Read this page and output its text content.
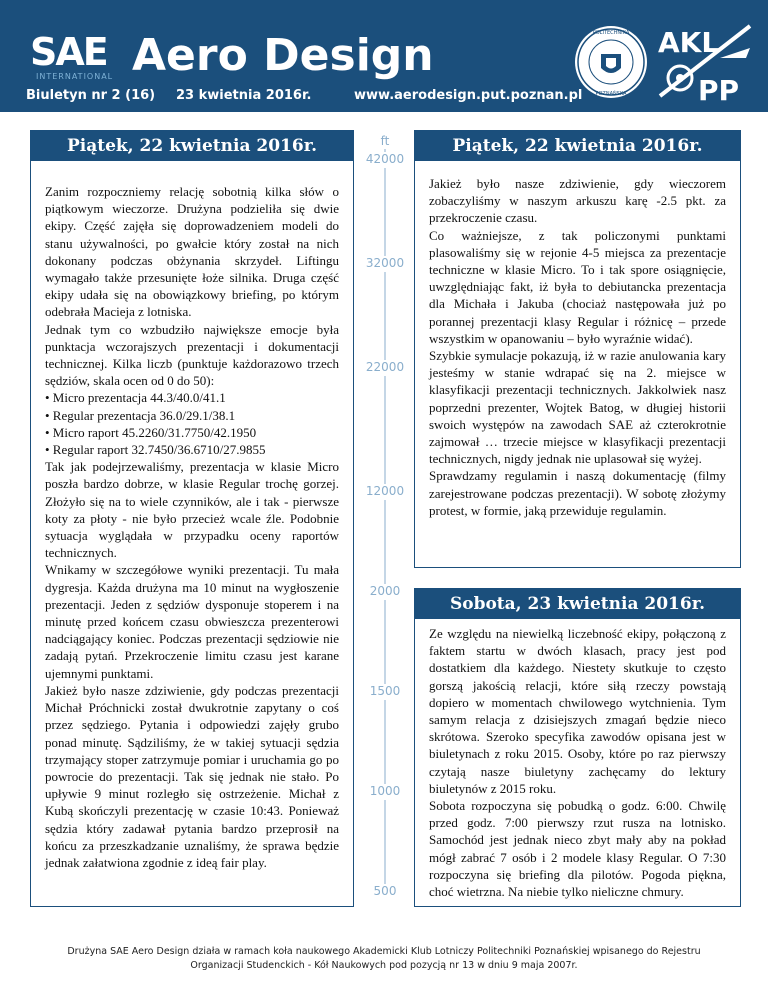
SAE
INTERNATIONAL Aero Design
Biuletyn nr 2 (16) 23 kwietnia 2016r.	www.aerodesign.put.poznan.pl
POLITECHNIKA
POZNAŃSKA
AKL
PP
Piątek, 22 kwietnia 2016r.

Zanim rozpoczniemy relację sobotnią kilka słów o piątkowym wieczorze. Drużyna podzieliła się dwie ekipy. Część zajęła się doprowadzeniem modeli do stanu używalności, po gwałcie który został na nich dokonany podczas obżynania skrzydeł. Liftingu wymagało także przesunięte łoże silnika. Druga część ekipy udała się na obowiązkowy briefing, po którym odebrała Macieja z lotniska.

Jednak tym co wzbudziło największe emocje była punktacja wczorajszych prezentacji i dokumentacji technicznej. Kilka liczb (punktuje każdorazowo trzech sędziów, skala ocen od 0 do 50):

• Micro prezentacja 44.3/40.0/41.1

• Regular prezentacja 36.0/29.1/38.1

• Micro raport 45.2260/31.7750/42.1950

• Regular raport 32.7450/36.6710/27.9855

Tak jak podejrzewaliśmy, prezentacja w klasie Micro poszła bardzo dobrze, w klasie Regular trochę gorzej. Złożyło się na to wiele czynników, ale i tak - pierwsze koty za płoty - nie było przecież wcale źle. Podobnie sytuacja wyglądała w przypadku oceny raportów technicznych.

Wnikamy w szczegółowe wyniki prezentacji. Tu mała dygresja. Każda drużyna ma 10 minut na wygłoszenie prezentacji. Jeden z sędziów dysponuje stoperem i na minutę przed końcem czasu obwieszcza prezenterowi nadciągający koniec. Podczas prezentacji sędziowie nie zadają pytań. Przekroczenie limitu czasu jest karane ujemnymi punktami.

Jakież było nasze zdziwienie, gdy podczas prezentacji Michał Próchnicki został dwukrotnie zapytany o coś przez sędziego. Pytania i odpowiedzi zajęły grubo ponad minutę. Sądziliśmy, że w takiej sytuacji sędzia trzymający stoper zatrzymuje pomiar i uruchamia go po powrocie do prezentacji. Tak się jednak nie stało. Po upływie 9 minut rozległo się ostrzeżenie. Michał z Kubą skończyli prezentację w czasie 10:43. Ponieważ sędzia który zadawał pytania bardzo przeprosił na końcu za przeszkadzanie uznaliśmy, że sprawa będzie jednak załatwiona zgodnie z ideą fair play.

ft
42000
32000
22000
12000
2000
1500
1000
500
Piątek, 22 kwietnia 2016r.

Jakież było nasze zdziwienie, gdy wieczorem zobaczyliśmy w naszym arkuszu karę -2.5 pkt. za przekroczenie czasu.

Co ważniejsze, z tak policzonymi punktami plasowaliśmy się w rejonie 4-5 miejsca za prezentacje techniczne w klasie Micro. To i tak spore osiągnięcie, uwzględniając fakt, iż była to debiutancka prezentacja dla Michała i Jakuba (chociaż następowała już po porannej prezentacji klasy Regular i różnicę – przede wszystkim w opanowaniu – było wyraźnie widać).

Szybkie symulacje pokazują, iż w razie anulowania kary jesteśmy w stanie wdrapać się na 2. miejsce w klasyfikacji prezentacji technicznych. Jakkolwiek nasz poprzedni prezenter, Wojtek Batog, w długiej historii swoich występów na zawodach SAE aż czterokrotnie zajmował … trzecie miejsce w klasyfikacji prezentacji technicznych, nigdy jednak nie uplasował się wyżej.

Sprawdzamy regulamin i naszą dokumentację (filmy zarejestrowane podczas prezentacji). W sobotę złożymy protest, w formie, jaką przewiduje regulamin.

Sobota, 23 kwietnia 2016r.

Ze względu na niewielką liczebność ekipy, połączoną z faktem startu w dwóch klasach, pracy jest pod dostatkiem dla każdego. Niestety skutkuje to często gorszą jakością relacji, które siłą rzeczy powstają dopiero w momentach chwilowego wytchnienia. Tym samym relacja z dzisiejszych zmagań będzie nieco skrótowa. Szeroko specyfika zawodów opisana jest w biuletynach z roku 2015. Osoby, które po raz pierwszy czytają nasze biuletyny zachęcamy do lektury biuletynów z 2015 roku.

Sobota rozpoczyna się pobudką o godz. 6:00. Chwilę przed godz. 7:00 pierwszy rzut rusza na lotnisko. Samochód jest jednak nieco zbyt mały aby na pokład mógł zabrać 7 osób i 2 modele klasy Regular. O 7:30 rozpoczyna się briefing dla pilotów. Pogoda piękna, choć wietrzna. Na niebie tylko nieliczne chmury.

Drużyna SAE Aero Design działa w ramach koła naukowego Akademicki Klub Lotniczy Politechniki Poznańskiej wpisanego do Rejestru Organizacji Studenckich - Kół Naukowych pod pozycją nr 13 w dniu 9 maja 2007r.
